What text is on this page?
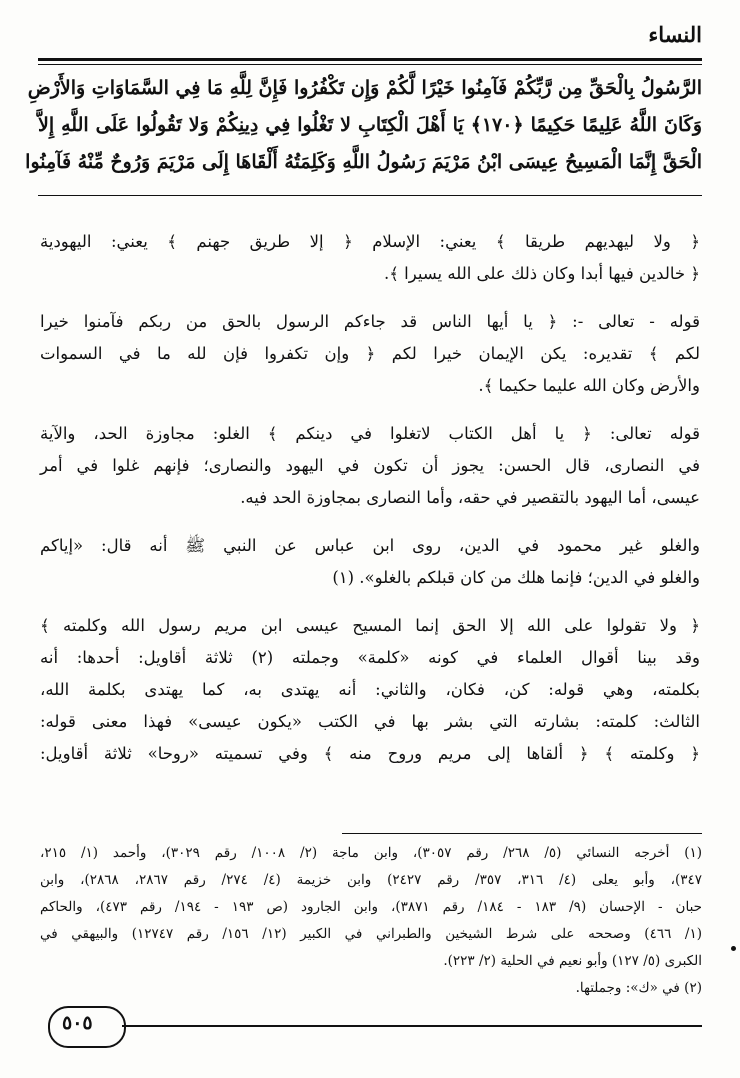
النساء
الرَّسُولُ بِالْحَقِّ مِن رَّبِّكُمْ فَآمِنُوا خَيْرًا لَّكُمْ وَإِن تَكْفُرُوا فَإِنَّ لِلَّهِ مَا فِي السَّمَاوَاتِ وَالأَرْضِ
وَكَانَ اللَّهُ عَلِيمًا حَكِيمًا ﴿١٧٠﴾ يَا أَهْلَ الْكِتَابِ لا تَغْلُوا فِي دِينِكُمْ وَلا تَقُولُوا عَلَى اللَّهِ إِلاَّ
الْحَقَّ إِنَّمَا الْمَسِيحُ عِيسَى ابْنُ مَرْيَمَ رَسُولُ اللَّهِ وَكَلِمَتُهُ أَلْقَاهَا إِلَى مَرْيَمَ وَرُوحٌ مِّنْهُ فَآمِنُوا
﴿ ولا ليهديهم طريقا ﴾ يعني: الإسلام ﴿ إلا طريق جهنم ﴾ يعني: اليهودية
﴿ خالدين فيها أبدا وكان ذلك على الله يسيرا ﴾.
قوله - تعالى -: ﴿ يا أيها الناس قد جاءكم الرسول بالحق من ربكم فآمنوا خيرا
لكم ﴾ تقديره: يكن الإيمان خيرا لكم ﴿ وإن تكفروا فإن لله ما في السموات
والأرض وكان الله عليما حكيما ﴾.
قوله تعالى: ﴿ يا أهل الكتاب لاتغلوا في دينكم ﴾ الغلو: مجاوزة الحد، والآية
في النصارى، قال الحسن: يجوز أن تكون في اليهود والنصارى؛ فإنهم غلوا في أمر
عيسى، أما اليهود بالتقصير في حقه، وأما النصارى بمجاوزة الحد فيه.
والغلو غير محمود في الدين، روى ابن عباس عن النبي ﷺ أنه قال: «إياكم
والغلو في الدين؛ فإنما هلك من كان قبلكم بالغلو». (١)
﴿ ولا تقولوا على الله إلا الحق إنما المسيح عيسى ابن مريم رسول الله وكلمته ﴾
وقد بينا أقوال العلماء في كونه «كلمة» وجملته (٢) ثلاثة أقاويل: أحدها: أنه
بكلمته، وهي قوله: كن، فكان، والثاني: أنه يهتدى به، كما يهتدى بكلمة الله،
الثالث: كلمته: بشارته التي بشر بها في الكتب «يكون عيسى» فهذا معنى قوله:
﴿ وكلمته ﴾ ﴿ ألقاها إلى مريم وروح منه ﴾ وفي تسميته «روحا» ثلاثة أقاويل:
(١) أخرجه النسائي (٥/ ٢٦٨/ رقم ٣٠٥٧)، وابن ماجة (٢/ ١٠٠٨/ رقم ٣٠٢٩)، وأحمد (١/ ٢١٥،
٣٤٧)، وأبو يعلى (٤/ ٣١٦، ٣٥٧/ رقم ٢٤٢٧) وابن خزيمة (٤/ ٢٧٤/ رقم ٢٨٦٧، ٢٨٦٨)، وابن
حبان - الإحسان (٩/ ١٨٣ - ١٨٤/ رقم ٣٨٧١)، وابن الجارود (ص ١٩٣ - ١٩٤/ رقم ٤٧٣)، والحاكم
(١/ ٤٦٦) وصححه على شرط الشيخين والطبراني في الكبير (١٢/ ١٥٦/ رقم ١٢٧٤٧) والبيهقي في
الكبرى (٥/ ١٢٧) وأبو نعيم في الحلية (٢/ ٢٢٣).
(٢) في «ك»: وجملتها.
٥٠٥
